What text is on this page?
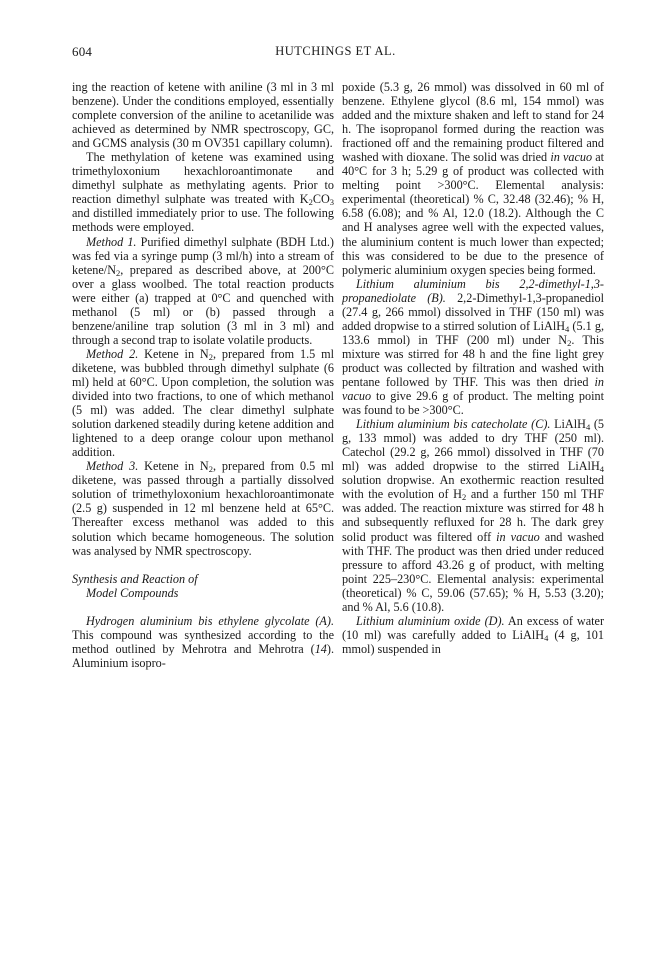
604	HUTCHINGS ET AL.

ing the reaction of ketene with aniline (3 ml in 3 ml benzene). Under the conditions employed, essentially complete conversion of the aniline to acetanilide was achieved as determined by NMR spectroscopy, GC, and GCMS analysis (30 m OV351 capillary column).

The methylation of ketene was examined using trimethyloxonium hexachloroantimonate and dimethyl sulphate as methylating agents. Prior to reaction dimethyl sulphate was treated with $K_2CO_3$ and distilled immediately prior to use. The following methods were employed.

Method 1. Purified dimethyl sulphate (BDH Ltd.) was fed via a syringe pump (3 ml/h) into a stream of ketene/$N_2$, prepared as described above, at 200°C over a glass woolbed. The total reaction products were either (a) trapped at 0°C and quenched with methanol (5 ml) or (b) passed through a benzene/aniline trap solution (3 ml in 3 ml) and through a second trap to isolate volatile products.

Method 2. Ketene in $N_2$, prepared from 1.5 ml diketene, was bubbled through dimethyl sulphate (6 ml) held at 60°C. Upon completion, the solution was divided into two fractions, to one of which methanol (5 ml) was added. The clear dimethyl sulphate solution darkened steadily during ketene addition and lightened to a deep orange colour upon methanol addition.

Method 3. Ketene in $N_2$, prepared from 0.5 ml diketene, was passed through a partially dissolved solution of trimethyloxonium hexachloroantimonate (2.5 g) suspended in 12 ml benzene held at 65°C. Thereafter excess methanol was added to this solution which became homogeneous. The solution was analysed by NMR spectroscopy.

Synthesis and Reaction of

Model Compounds

Hydrogen aluminium bis ethylene glycolate (A). This compound was synthesized according to the method outlined by Mehrotra and Mehrotra (14). Aluminium isopro-

poxide (5.3 g, 26 mmol) was dissolved in 60 ml of benzene. Ethylene glycol (8.6 ml, 154 mmol) was added and the mixture shaken and left to stand for 24 h. The isopropanol formed during the reaction was fractioned off and the remaining product filtered and washed with dioxane. The solid was dried in vacuo at 40°C for 3 h; 5.29 g of product was collected with melting point >300°C. Elemental analysis: experimental (theoretical) % C, 32.48 (32.46); % H, 6.58 (6.08); and % Al, 12.0 (18.2). Although the C and H analyses agree well with the expected values, the aluminium content is much lower than expected; this was considered to be due to the presence of polymeric aluminium oxygen species being formed.

Lithium aluminium bis 2,2-dimethyl-1,3-propanediolate (B). 2,2-Dimethyl-1,3-propanediol (27.4 g, 266 mmol) dissolved in THF (150 ml) was added dropwise to a stirred solution of LiAlH$_4$ (5.1 g, 133.6 mmol) in THF (200 ml) under $N_2$. This mixture was stirred for 48 h and the fine light grey product was collected by filtration and washed with pentane followed by THF. This was then dried in vacuo to give 29.6 g of product. The melting point was found to be >300°C.

Lithium aluminium bis catecholate (C). LiAlH$_4$ (5 g, 133 mmol) was added to dry THF (250 ml). Catechol (29.2 g, 266 mmol) dissolved in THF (70 ml) was added dropwise to the stirred LiAlH$_4$ solution dropwise. An exothermic reaction resulted with the evolution of $H_2$ and a further 150 ml THF was added. The reaction mixture was stirred for 48 h and subsequently refluxed for 28 h. The dark grey solid product was filtered off in vacuo and washed with THF. The product was then dried under reduced pressure to afford 43.26 g of product, with melting point 225–230°C. Elemental analysis: experimental (theoretical) % C, 59.06 (57.65); % H, 5.53 (3.20); and % Al, 5.6 (10.8).

Lithium aluminium oxide (D). An excess of water (10 ml) was carefully added to LiAlH$_4$ (4 g, 101 mmol) suspended in
